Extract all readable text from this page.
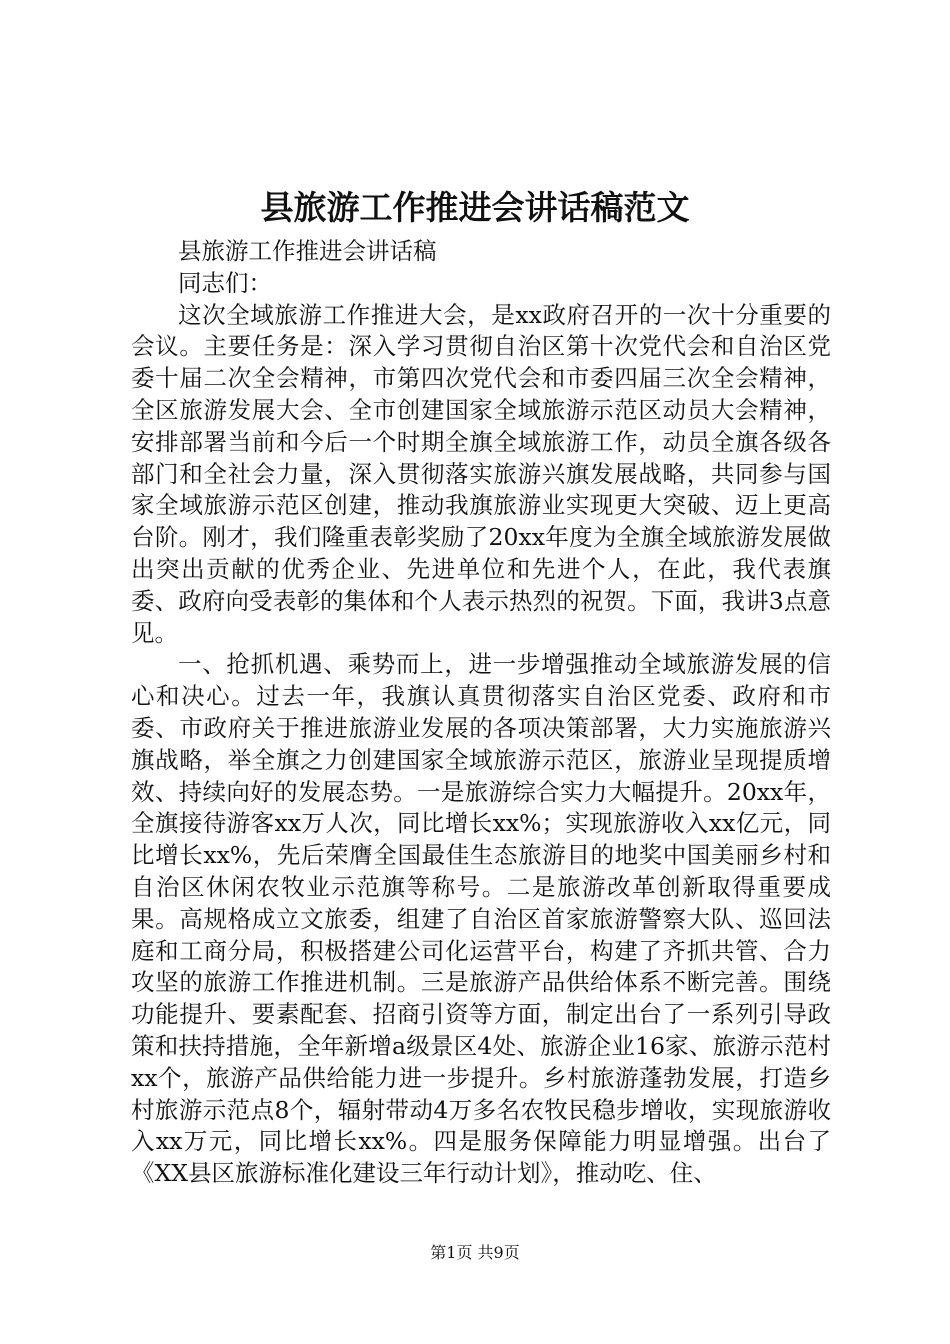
县旅游工作推进会讲话稿范文

县旅游工作推进会讲话稿

同志们：

这次全域旅游工作推进大会，是xx政府召开的一次十分重要的会议。主要任务是：深入学习贯彻自治区第十次党代会和自治区党委十届二次全会精神，市第四次党代会和市委四届三次全会精神，全区旅游发展大会、全市创建国家全域旅游示范区动员大会精神，安排部署当前和今后一个时期全旗全域旅游工作，动员全旗各级各部门和全社会力量，深入贯彻落实旅游兴旗发展战略，共同参与国家全域旅游示范区创建，推动我旗旅游业实现更大突破、迈上更高台阶。刚才，我们隆重表彰奖励了20xx年度为全旗全域旅游发展做出突出贡献的优秀企业、先进单位和先进个人，在此，我代表旗委、政府向受表彰的集体和个人表示热烈的祝贺。下面，我讲3点意见。

一、抢抓机遇、乘势而上，进一步增强推动全域旅游发展的信心和决心。过去一年，我旗认真贯彻落实自治区党委、政府和市委、市政府关于推进旅游业发展的各项决策部署，大力实施旅游兴旗战略，举全旗之力创建国家全域旅游示范区，旅游业呈现提质增效、持续向好的发展态势。一是旅游综合实力大幅提升。20xx年，全旗接待游客xx万人次，同比增长xx%；实现旅游收入xx亿元，同比增长xx%，先后荣膺全国最佳生态旅游目的地奖中国美丽乡村和自治区休闲农牧业示范旗等称号。二是旅游改革创新取得重要成果。高规格成立文旅委，组建了自治区首家旅游警察大队、巡回法庭和工商分局，积极搭建公司化运营平台，构建了齐抓共管、合力攻坚的旅游工作推进机制。三是旅游产品供给体系不断完善。围绕功能提升、要素配套、招商引资等方面，制定出台了一系列引导政策和扶持措施，全年新增a级景区4处、旅游企业16家、旅游示范村xx个，旅游产品供给能力进一步提升。乡村旅游蓬勃发展，打造乡村旅游示范点8个，辐射带动4万多名农牧民稳步增收，实现旅游收入xx万元，同比增长xx%。四是服务保障能力明显增强。出台了《XX县区旅游标准化建设三年行动计划》，推动吃、住、

第1页 共9页
